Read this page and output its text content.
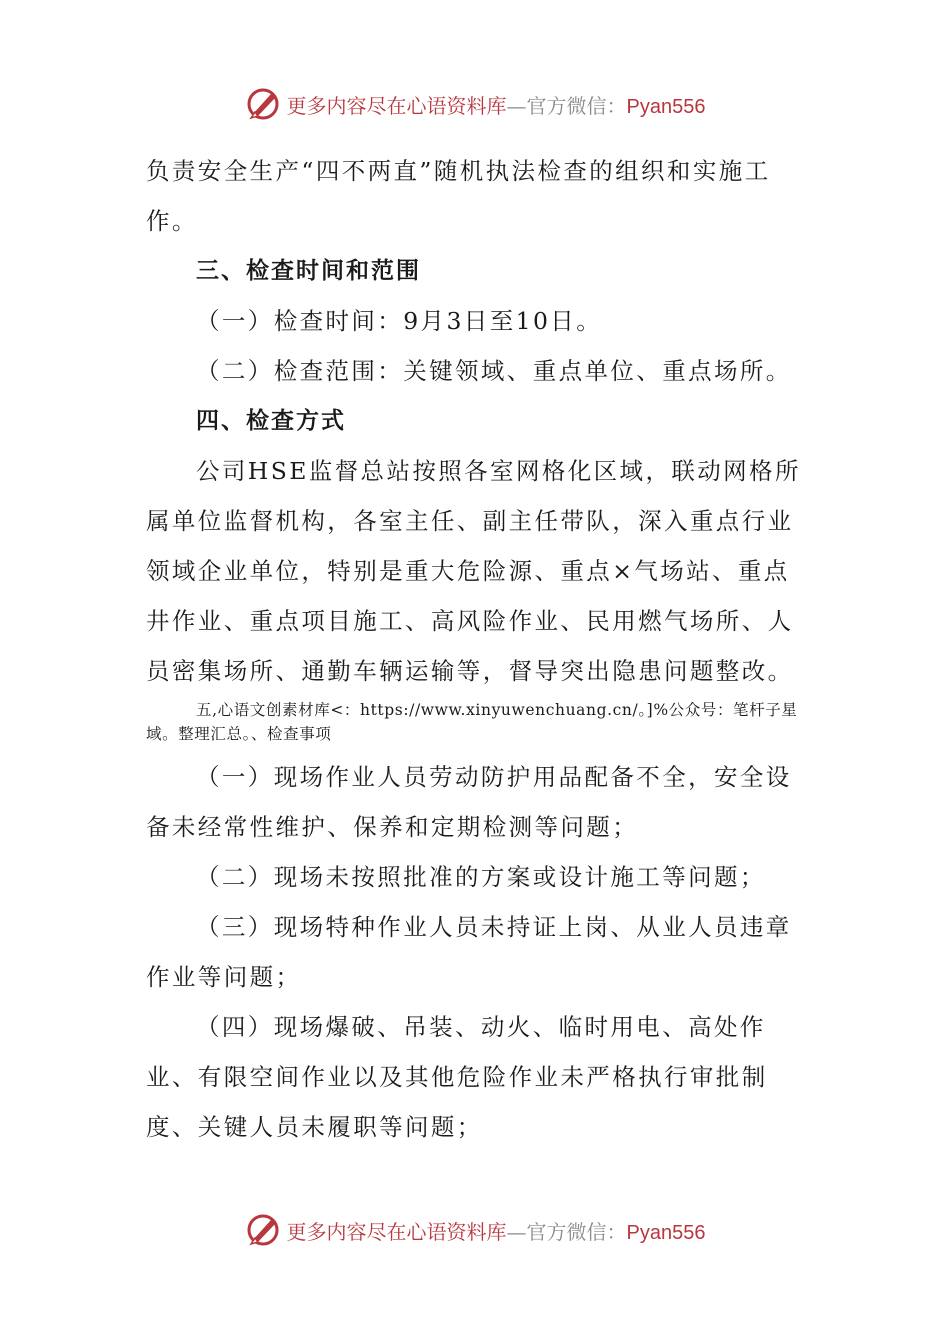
更多内容尽在心语资料库—官方微信：Pyan556

负责安全生产“四不两直”随机执法检查的组织和实施工作。

三、检查时间和范围

（一）检查时间：9月3日至10日。

（二）检查范围：关键领域、重点单位、重点场所。

四、检查方式

公司HSE监督总站按照各室网格化区域，联动网格所属单位监督机构，各室主任、副主任带队，深入重点行业领域企业单位，特别是重大危险源、重点×气场站、重点井作业、重点项目施工、高风险作业、民用燃气场所、人员密集场所、通勤车辆运输等，督导突出隐患问题整改。

五,心语文创素材库<：https://www.xinyuwenchuang.cn/。]%公众号：笔杆子星域。整理汇总。、检查事项

（一）现场作业人员劳动防护用品配备不全，安全设备未经常性维护、保养和定期检测等问题；

（二）现场未按照批准的方案或设计施工等问题；

（三）现场特种作业人员未持证上岗、从业人员违章作业等问题；

（四）现场爆破、吊装、动火、临时用电、高处作业、有限空间作业以及其他危险作业未严格执行审批制度、关键人员未履职等问题；

更多内容尽在心语资料库—官方微信：Pyan556
